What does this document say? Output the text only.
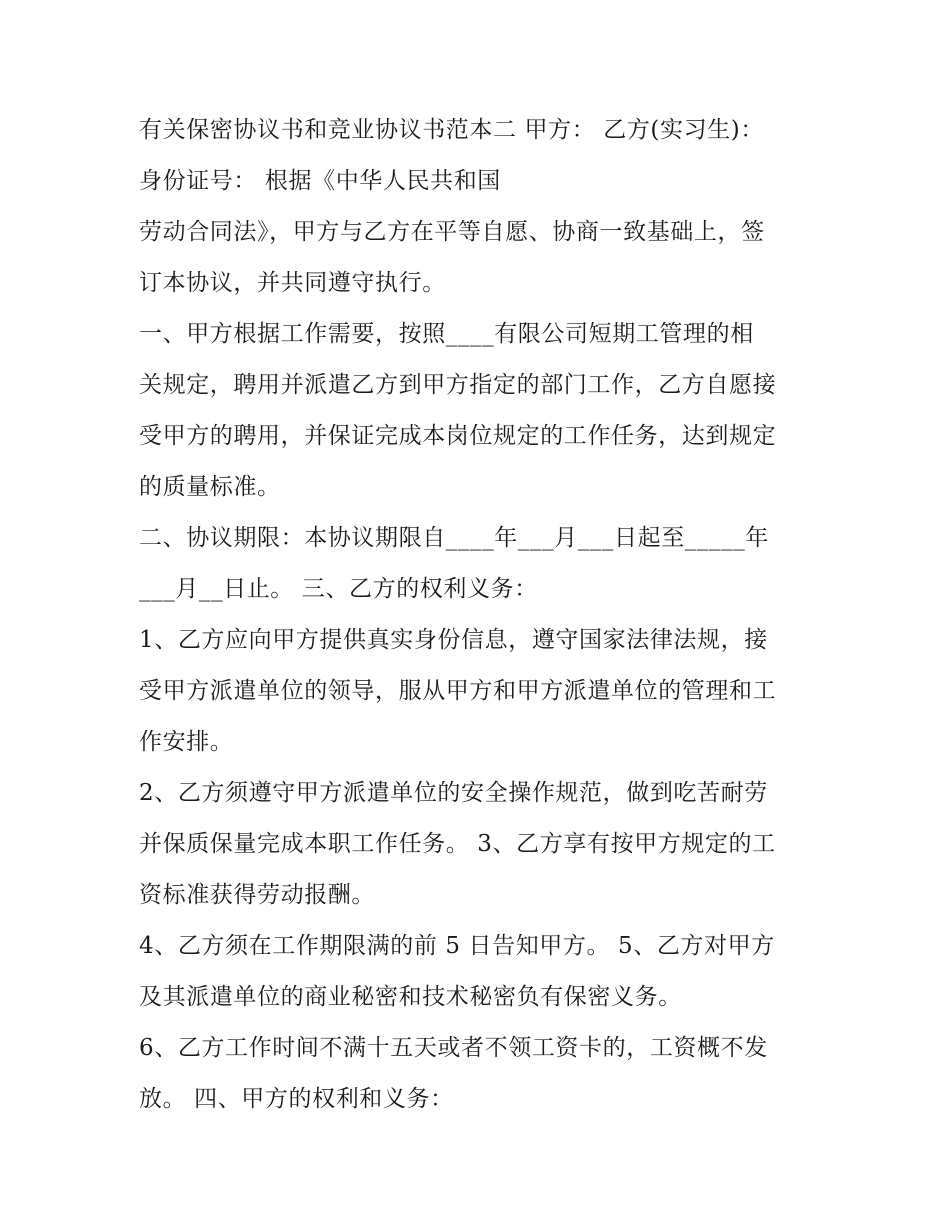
有关保密协议书和竞业协议书范本二 甲方： 乙方(实习生)：
身份证号： 根据《中华人民共和国
劳动合同法》，甲方与乙方在平等自愿、协商一致基础上，签
订本协议，并共同遵守执行。
一、甲方根据工作需要，按照____有限公司短期工管理的相
关规定，聘用并派遣乙方到甲方指定的部门工作，乙方自愿接
受甲方的聘用，并保证完成本岗位规定的工作任务，达到规定
的质量标准。
二、协议期限：本协议期限自____年___月___日起至_____年
___月__日止。 三、乙方的权利义务：
1、乙方应向甲方提供真实身份信息，遵守国家法律法规，接
受甲方派遣单位的领导，服从甲方和甲方派遣单位的管理和工
作安排。
2、乙方须遵守甲方派遣单位的安全操作规范，做到吃苦耐劳
并保质保量完成本职工作任务。 3、乙方享有按甲方规定的工
资标准获得劳动报酬。
4、乙方须在工作期限满的前 5 日告知甲方。 5、乙方对甲方
及其派遣单位的商业秘密和技术秘密负有保密义务。
6、乙方工作时间不满十五天或者不领工资卡的，工资概不发
放。 四、甲方的权利和义务：
